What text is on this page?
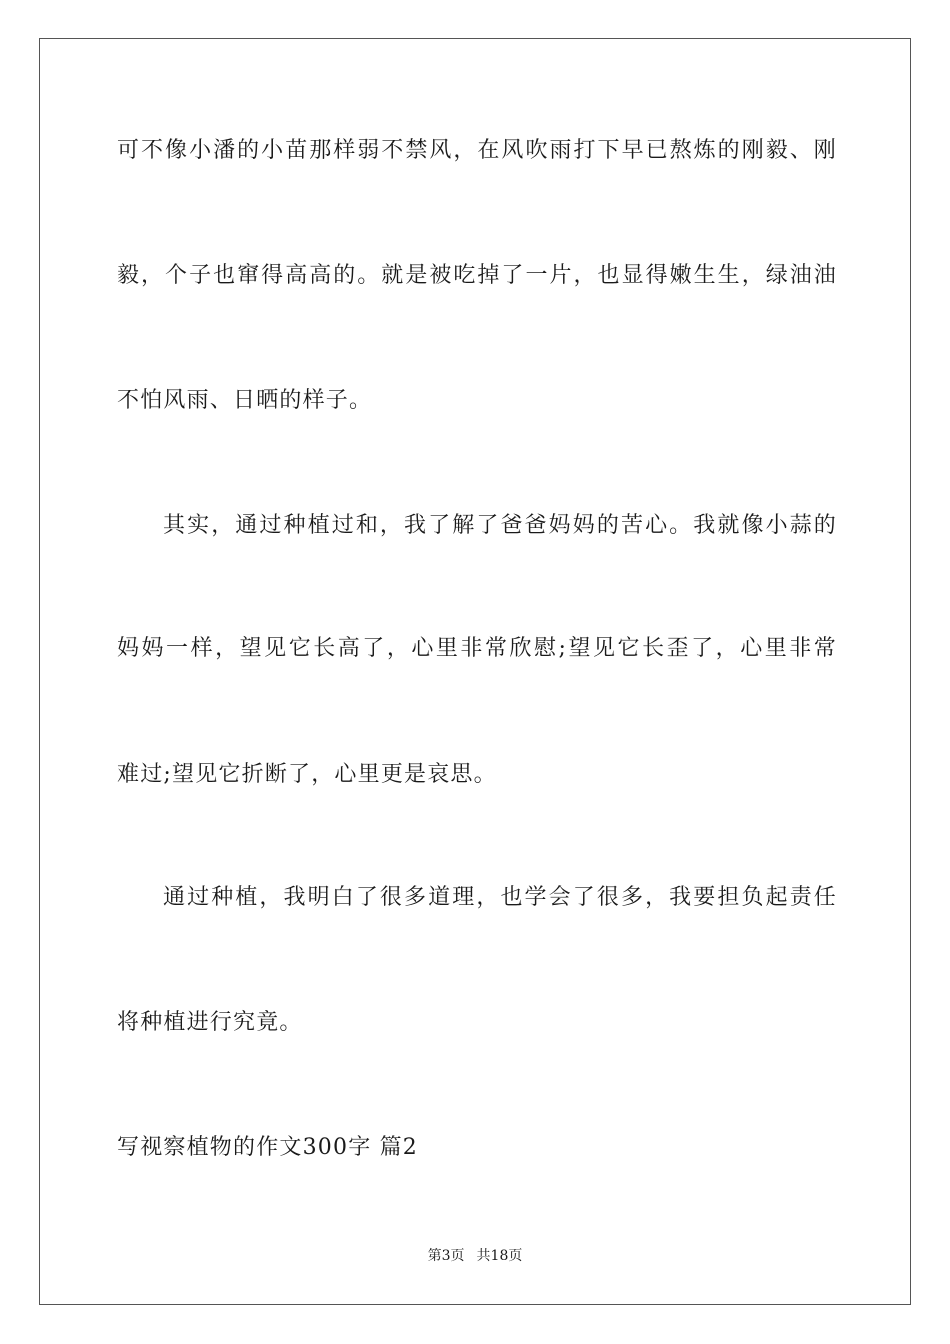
可不像小潘的小苗那样弱不禁风，在风吹雨打下早已熬炼的刚毅、刚
毅，个子也窜得高高的。就是被吃掉了一片，也显得嫩生生，绿油油
不怕风雨、日晒的样子。
其实，通过种植过和，我了解了爸爸妈妈的苦心。我就像小蒜的
妈妈一样，望见它长高了，心里非常欣慰;望见它长歪了，心里非常
难过;望见它折断了，心里更是哀思。
通过种植，我明白了很多道理，也学会了很多，我要担负起责任
将种植进行究竟。
写视察植物的作文300字 篇2
第3页 共18页
